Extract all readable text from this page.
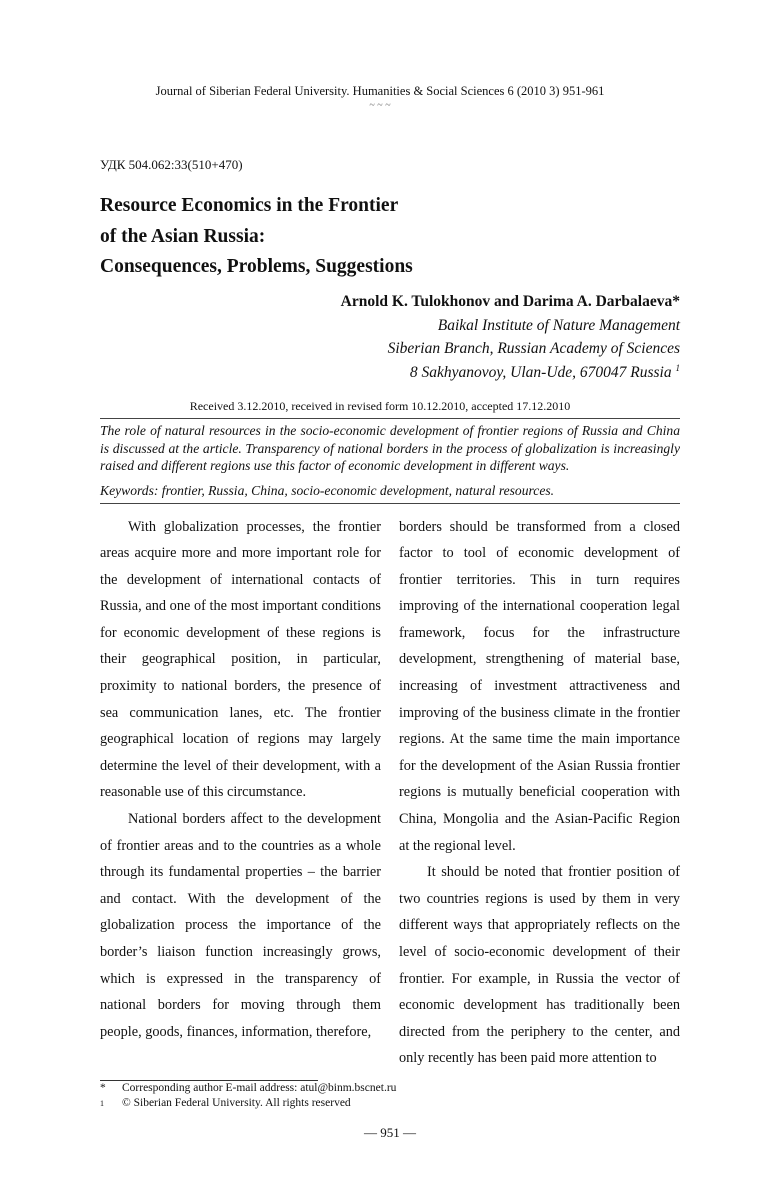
Journal of Siberian Federal University. Humanities & Social Sciences 6 (2010 3) 951-961
~ ~ ~
УДК 504.062:33(510+470)
Resource Economics in the Frontier
of the Asian Russia:
Consequences, Problems, Suggestions
Arnold K. Tulokhonov and Darima A. Darbalaeva*
Baikal Institute of Nature Management
Siberian Branch, Russian Academy of Sciences
8 Sakhyanovoy, Ulan-Ude, 670047 Russia $^1$
Received 3.12.2010, received in revised form 10.12.2010, accepted 17.12.2010
The role of natural resources in the socio-economic development of frontier regions of Russia and China is discussed at the article. Transparency of national borders in the process of globalization is increasingly raised and different regions use this factor of economic development in different ways.
Keywords: frontier, Russia, China, socio-economic development, natural resources.

With globalization processes, the frontier areas acquire more and more important role for the development of international contacts of Russia, and one of the most important conditions for economic development of these regions is their geographical position, in particular, proximity to national borders, the presence of sea communication lanes, etc. The frontier geographical location of regions may largely determine the level of their development, with a reasonable use of this circumstance.

National borders affect to the development of frontier areas and to the countries as a whole through its fundamental properties – the barrier and contact. With the development of the globalization process the importance of the border’s liaison function increasingly grows, which is expressed in the transparency of national borders for moving through them people, goods, finances, information, therefore,

borders should be transformed from a closed factor to tool of economic development of frontier territories. This in turn requires improving of the international cooperation legal framework, focus for the infrastructure development, strengthening of material base, increasing of investment attractiveness and improving of the business climate in the frontier regions. At the same time the main importance for the development of the Asian Russia frontier regions is mutually beneficial cooperation with China, Mongolia and the Asian-Pacific Region at the regional level.

It should be noted that frontier position of two countries regions is used by them in very different ways that appropriately reflects on the level of socio-economic development of their frontier. For example, in Russia the vector of economic development has traditionally been directed from the periphery to the center, and only recently has been paid more attention to

* Corresponding author E-mail address: atul@binm.bscnet.ru
1 © Siberian Federal University. All rights reserved
— 951 —
